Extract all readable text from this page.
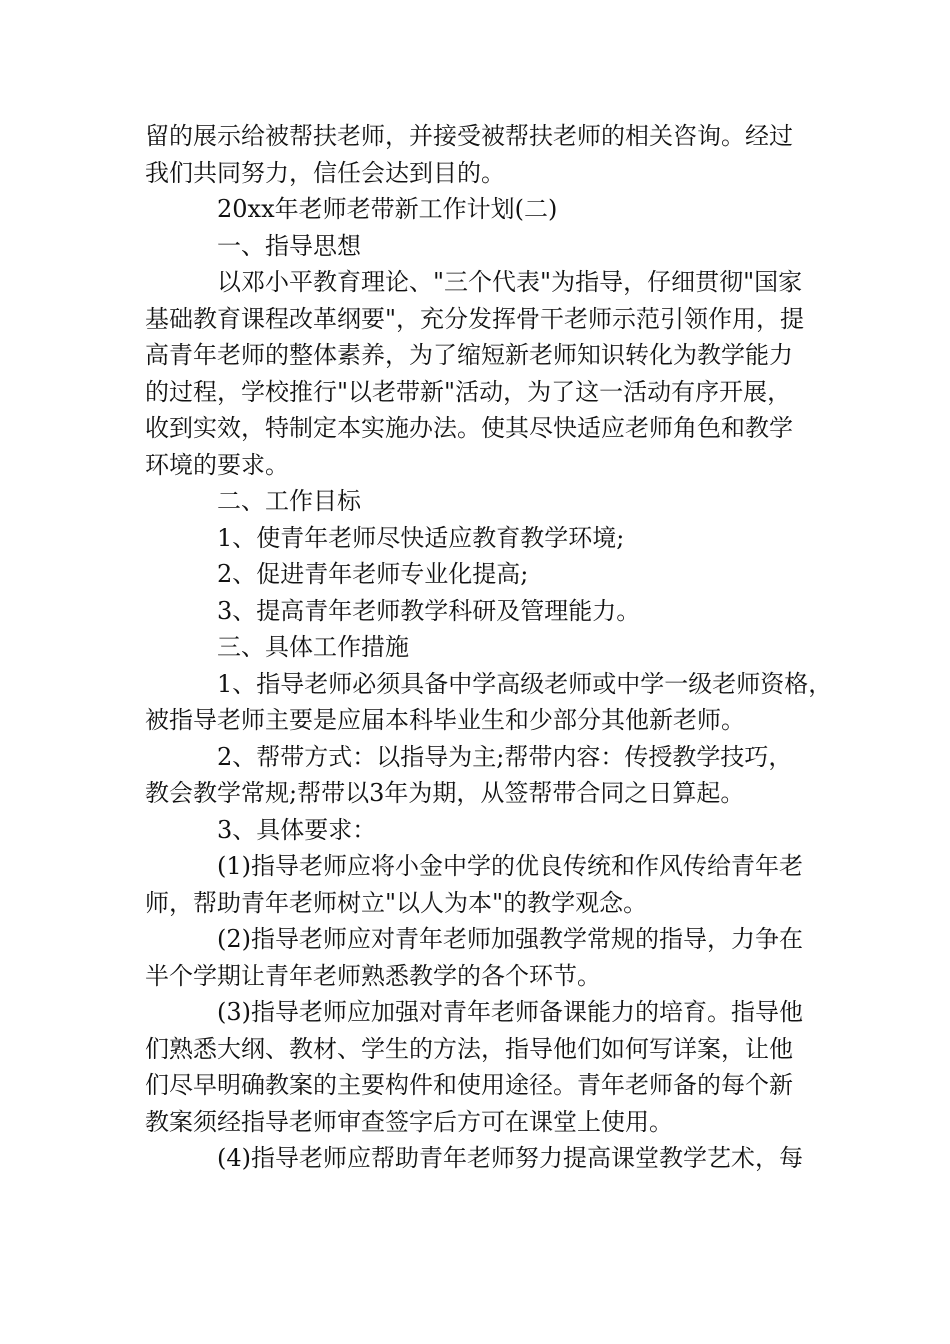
留的展示给被帮扶老师，并接受被帮扶老师的相关咨询。经过
我们共同努力，信任会达到目的。

20xx年老师老带新工作计划(二)

一、指导思想

以邓小平教育理论、"三个代表"为指导，仔细贯彻"国家
基础教育课程改革纲要"，充分发挥骨干老师示范引领作用，提
高青年老师的整体素养，为了缩短新老师知识转化为教学能力
的过程，学校推行"以老带新"活动，为了这一活动有序开展，
收到实效，特制定本实施办法。使其尽快适应老师角色和教学
环境的要求。

二、工作目标

1、使青年老师尽快适应教育教学环境;

2、促进青年老师专业化提高;

3、提高青年老师教学科研及管理能力。

三、具体工作措施

1、指导老师必须具备中学高级老师或中学一级老师资格，
被指导老师主要是应届本科毕业生和少部分其他新老师。

2、帮带方式：以指导为主;帮带内容：传授教学技巧，
教会教学常规;帮带以3年为期，从签帮带合同之日算起。

3、具体要求：

(1)指导老师应将小金中学的优良传统和作风传给青年老
师，帮助青年老师树立"以人为本"的教学观念。

(2)指导老师应对青年老师加强教学常规的指导，力争在
半个学期让青年老师熟悉教学的各个环节。

(3)指导老师应加强对青年老师备课能力的培育。指导他
们熟悉大纲、教材、学生的方法，指导他们如何写详案，让他
们尽早明确教案的主要构件和使用途径。青年老师备的每个新
教案须经指导老师审查签字后方可在课堂上使用。

(4)指导老师应帮助青年老师努力提高课堂教学艺术，每
